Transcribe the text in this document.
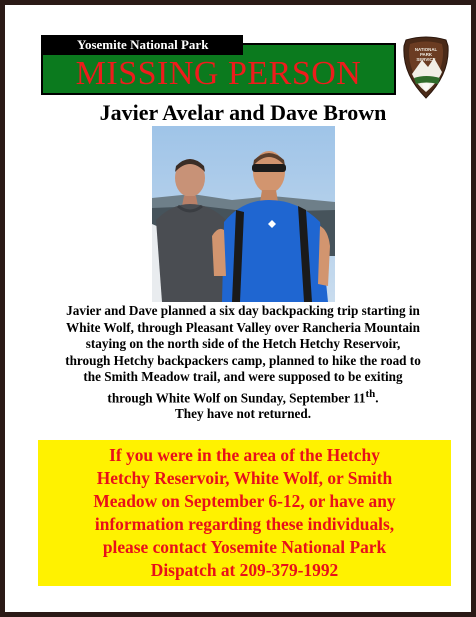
MISSING PERSON
Yosemite National Park	NATIONAL
PARK
SERVICE
Javier Avelar and Dave Brown
Javier and Dave planned a six day backpacking trip starting in
White Wolf, through Pleasant Valley over Rancheria Mountain
staying on the north side of the Hetch Hetchy Reservoir,
through Hetchy backpackers camp, planned to hike the road to
the Smith Meadow trail, and were supposed to be exiting
through White Wolf on Sunday, September 11th.
They have not returned.
If you were in the area of the Hetchy
Hetchy Reservoir, White Wolf, or Smith
Meadow on September 6-12, or have any
information regarding these individuals,
please contact Yosemite National Park
Dispatch at 209-379-1992
